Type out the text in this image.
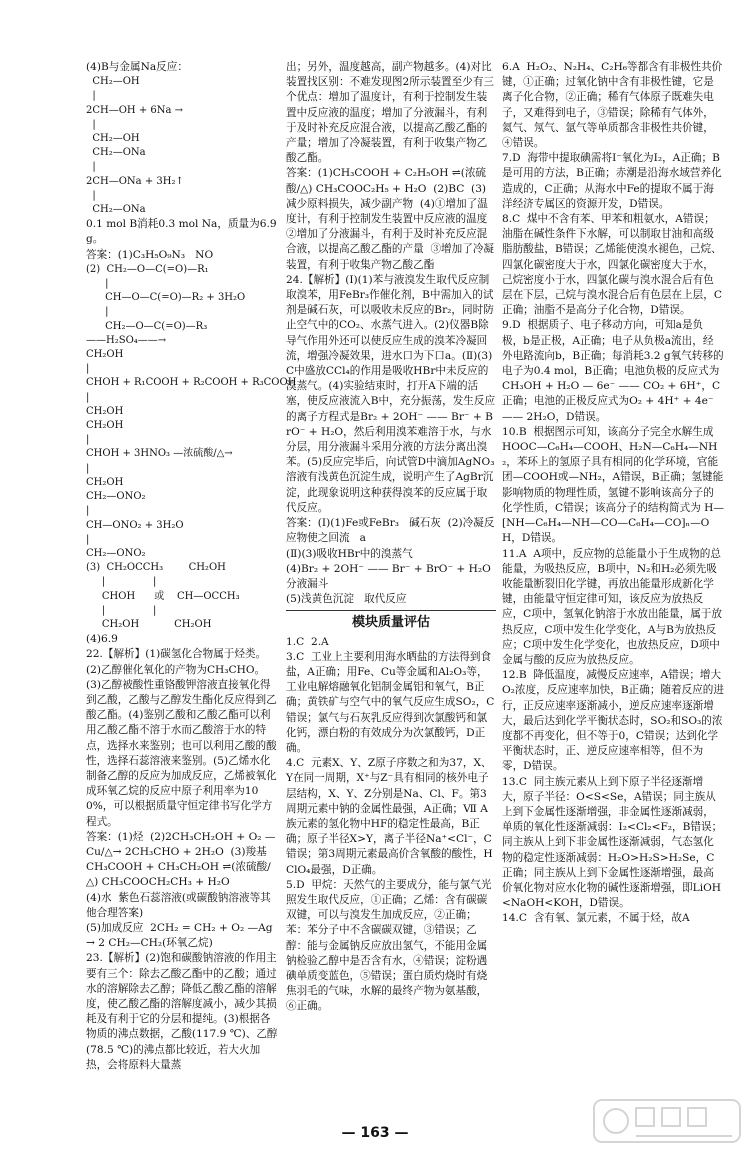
(4)B与金属Na反应：

CH₂—OH
|
2CH—OH + 6Na →
|
CH₂—OH

CH₂—ONa
|
2CH—ONa + 3H₂↑
|
CH₂—ONa

0.1 mol B消耗0.3 mol Na，质量为6.9 g。

答案：(1)C₃H₅O₉N₃   NO

(2)  CH₂—O—C(=O)—R₁
|
CH—O—C(=O)—R₂ + 3H₂O
|
CH₂—O—C(=O)—R₃

——H₂SO₄——→

CH₂OH
|
CHOH + R₁COOH + R₂COOH + R₃COOH
|
CH₂OH

CH₂OH
|
CHOH + 3HNO₃ —浓硫酸/△→
|
CH₂OH

CH₂—ONO₂
|
CH—ONO₂ + 3H₂O
|
CH₂—ONO₂

(3)  CH₂OCCH₃        CH₂OH
|               |
CHOH      或    CH—OCCH₃
|               |
CH₂OH           CH₂OH

(4)6.9

22.【解析】(1)碳氢化合物属于烃类。(2)乙醇催化氧化的产物为CH₃CHO。(3)乙醇被酸性重铬酸钾溶液直接氧化得到乙酸，乙酸与乙醇发生酯化反应得到乙酸乙酯。(4)鉴别乙酸和乙酸乙酯可以利用乙酸乙酯不溶于水而乙酸溶于水的特点，选择水来鉴别；也可以利用乙酸的酸性，选择石蕊溶液来鉴别。(5)乙烯水化制备乙醇的反应为加成反应，乙烯被氧化成环氧乙烷的反应中原子利用率为100%，可以根据质量守恒定律书写化学方程式。

答案：(1)烃  (2)2CH₃CH₂OH + O₂ —Cu/△→ 2CH₃CHO + 2H₂O  (3)羧基

CH₃COOH + CH₃CH₂OH ⇌(浓硫酸/△) CH₃COOCH₂CH₃ + H₂O

(4)水  紫色石蕊溶液(或碳酸钠溶液等其他合理答案)

(5)加成反应  2CH₂ = CH₂ + O₂ —Ag→ 2 CH₂—CH₂(环氧乙烷)

23.【解析】(2)饱和碳酸钠溶液的作用主要有三个：除去乙酸乙酯中的乙酸；通过水的溶解除去乙醇；降低乙酸乙酯的溶解度，使乙酸乙酯的溶解度减小，减少其损耗及有利于它的分层和提纯。(3)根据各物质的沸点数据，乙酸(117.9 ℃)、乙醇(78.5 ℃)的沸点都比较近，若大火加热，会将原料大量蒸

出；另外，温度越高，副产物越多。(4)对比装置找区别：不难发现图2所示装置至少有三个优点：增加了温度计，有利于控制发生装置中反应液的温度；增加了分液漏斗，有利于及时补充反应混合液，以提高乙酸乙酯的产量；增加了冷凝装置，有利于收集产物乙酸乙酯。

答案：(1)CH₃COOH + C₂H₅OH ⇌(浓硫酸/△) CH₃COOC₂H₅ + H₂O  (2)BC  (3)减少原料损失，减少副产物  (4)①增加了温度计，有利于控制发生装置中反应液的温度  ②增加了分液漏斗，有利于及时补充反应混合液，以提高乙酸乙酯的产量  ③增加了冷凝装置，有利于收集产物乙酸乙酯

24.【解析】(Ⅰ)(1)苯与液溴发生取代反应制取溴苯，用FeBr₃作催化剂，B中需加入的试剂是碱石灰，可以吸收未反应的Br₂，同时防止空气中的CO₂、水蒸气进入。(2)仪器B除导气作用外还可以使反应生成的溴苯冷凝回流，增强冷凝效果，进水口为下口a。(Ⅱ)(3)C中盛放CCl₄的作用是吸收HBr中未反应的溴蒸气。(4)实验结束时，打开A下端的活塞，使反应液流入B中，充分振荡，发生反应的离子方程式是Br₂ + 2OH⁻ —— Br⁻ + BrO⁻ + H₂O，然后利用溴苯难溶于水，与水分层，用分液漏斗采用分液的方法分离出溴苯。(5)反应完毕后，向试管D中滴加AgNO₃溶液有浅黄色沉淀生成，说明产生了AgBr沉淀，此现象说明这种获得溴苯的反应属于取代反应。

答案：(Ⅰ)(1)Fe或FeBr₃   碱石灰  (2)冷凝反应物使之回流   a

(Ⅱ)(3)吸收HBr中的溴蒸气

(4)Br₂ + 2OH⁻ —— Br⁻ + BrO⁻ + H₂O  分液漏斗

(5)浅黄色沉淀   取代反应

模块质量评估

1.C  2.A

3.C  工业上主要利用海水晒盐的方法得到食盐，A正确；用Fe、Cu等金属和Al₂O₃等，工业电解熔融氧化铝制金属铝和氧气，B正确；黄铁矿与空气中的氧气反应生成SO₂，C错误；氯气与石灰乳反应得到次氯酸钙和氯化钙，漂白粉的有效成分为次氯酸钙，D正确。

4.C  元素X、Y、Z原子序数之和为37，X、Y在同一周期，X⁺与Z⁻具有相同的核外电子层结构，X、Y、Z分别是Na、Cl、F。第3周期元素中钠的金属性最强，A正确；Ⅶ A族元素的氢化物中HF的稳定性最高，B正确；原子半径X>Y，离子半径Na⁺<Cl⁻，C错误；第3周期元素最高价含氧酸的酸性，HClO₄最强，D正确。

5.D  甲烷：天然气的主要成分，能与氯气光照发生取代反应，①正确；乙烯：含有碳碳双键，可以与溴发生加成反应，②正确；苯：苯分子中不含碳碳双键，③错误；乙醇：能与金属钠反应放出氢气，不能用金属钠检验乙醇中是否含有水，④错误；淀粉遇碘单质变蓝色，⑤错误；蛋白质灼烧时有烧焦羽毛的气味，水解的最终产物为氨基酸，⑥正确。

6.A  H₂O₂、N₂H₄、C₂H₆等都含有非极性共价键，①正确；过氧化钠中含有非极性键，它是离子化合物，②正确；稀有气体原子既难失电子，又难得到电子，③错误；除稀有气体外，氦气、氖气、氩气等单质都含非极性共价键，④错误。

7.D  海带中提取碘需将I⁻氧化为I₂，A正确；B是可用的方法，B正确；赤潮是沿海水域营养化造成的，C正确；从海水中Fe的提取不属于海洋经济专属区的资源开发，D错误。

8.C  煤中不含有苯、甲苯和粗氨水，A错误；油脂在碱性条件下水解，可以制取甘油和高级脂肪酸盐，B错误；乙烯能使溴水褪色，己烷、四氯化碳密度大于水，四氯化碳密度大于水，己烷密度小于水，四氯化碳与溴水混合后有色层在下层，己烷与溴水混合后有色层在上层，C正确；油脂不是高分子化合物，D错误。

9.D  根据质子、电子移动方向，可知a是负极，b是正极，A正确；电子从负极a流出，经外电路流向b，B正确；每消耗3.2 g氧气转移的电子为0.4 mol，B正确；电池负极的反应式为CH₃OH + H₂O — 6e⁻ —— CO₂ + 6H⁺，C正确；电池的正极反应式为O₂ + 4H⁺ + 4e⁻ —— 2H₂O，D错误。

10.B  根据图示可知，该高分子完全水解生成 HOOC—C₆H₄—COOH、H₂N—C₆H₄—NH₂，苯环上的氢原子具有相同的化学环境，官能团—COOH或—NH₂，A错误，B正确；氢键能影响物质的物理性质，氢键不影响该高分子的化学性质，C错误；该高分子的结构简式为 H—[NH—C₆H₄—NH—CO—C₆H₄—CO]ₙ—OH，D错误。

11.A  A项中，反应物的总能量小于生成物的总能量，为吸热反应，B项中，N₂和H₂必须先吸收能量断裂旧化学键，再放出能量形成新化学键，由能量守恒定律可知，该反应为放热反应，C项中，氢氧化钠溶于水放出能量，属于放热反应，C项中发生化学变化，A与B为放热反应；C项中发生化学变化，也放热反应，D项中金属与酸的反应为放热反应。

12.B  降低温度，减慢反应速率，A错误；增大O₂浓度，反应速率加快，B正确；随着反应的进行，正反应速率逐渐减小，逆反应速率逐渐增大，最后达到化学平衡状态时，SO₂和SO₃的浓度都不再变化，但不等于0，C错误；达到化学平衡状态时，正、逆反应速率相等，但不为零，D错误。

13.C  同主族元素从上到下原子半径逐渐增大，原子半径：O<S<Se，A错误；同主族从上到下金属性逐渐增强，非金属性逐渐减弱，单质的氧化性逐渐减弱：I₂<Cl₂<F₂，B错误；同主族从上到下非金属性逐渐减弱，气态氢化物的稳定性逐渐减弱：H₂O>H₂S>H₂Se，C正确；同主族从上到下金属性逐渐增强，最高价氧化物对应水化物的碱性逐渐增强，即LiOH<NaOH<KOH，D错误。

14.C  含有氧、氯元素，不属于烃，故A

— 163 —
